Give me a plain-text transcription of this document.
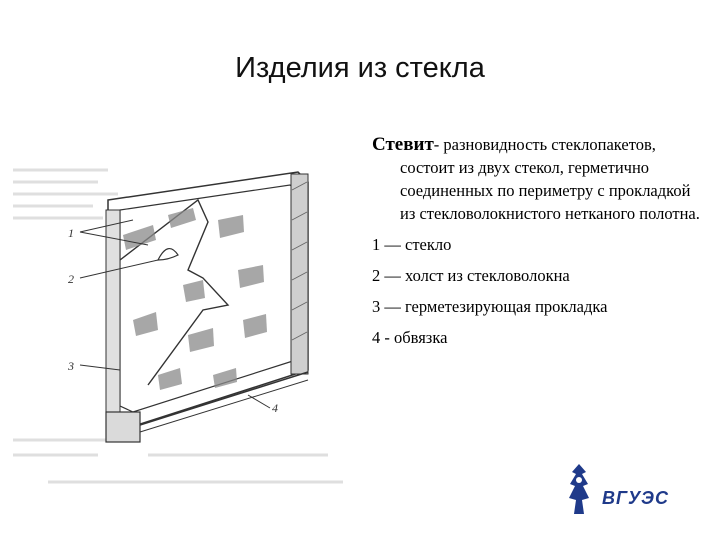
Изделия из стекла
1
2
3
4

Стевит- разновидность стеклопакетов, состоит из двух стекол, герметично соединенных по периметру с прокладкой из стекловолокнистого нетканого полотна.

1 — стекло
2 — холст из стекловолокна
3 — герметезирующая прокладка
4 - обвязка
ВГУЭС
